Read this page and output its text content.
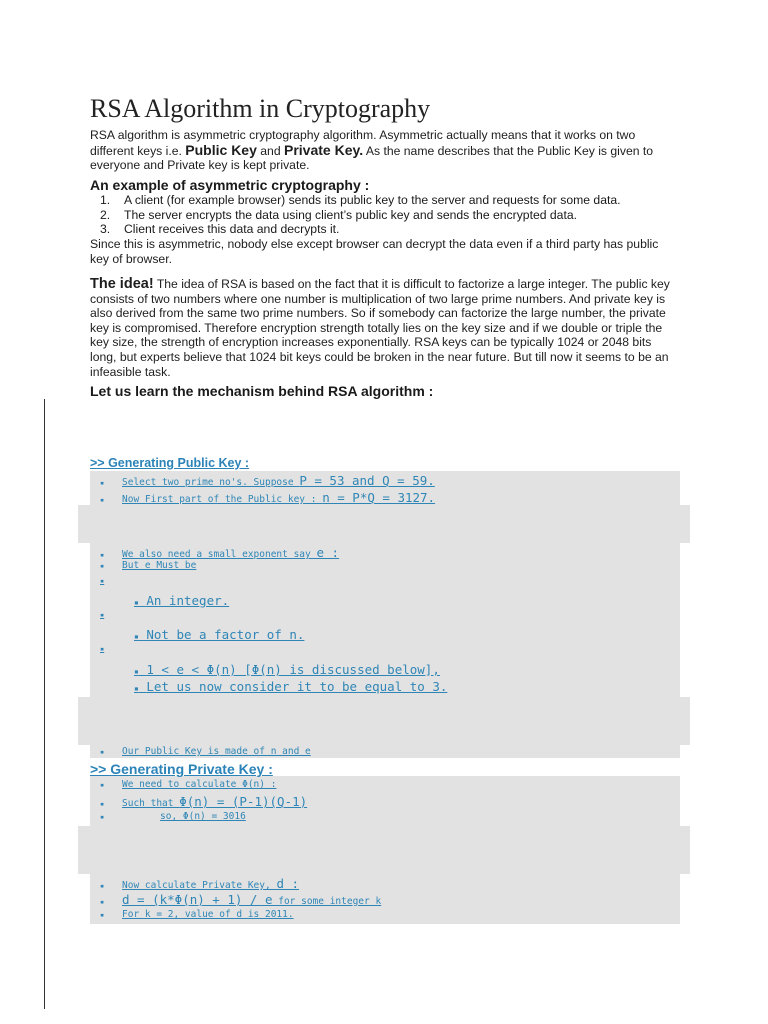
RSA Algorithm in Cryptography
RSA algorithm is asymmetric cryptography algorithm. Asymmetric actually means that it works on two different keys i.e. Public Key and Private Key. As the name describes that the Public Key is given to everyone and Private key is kept private.
An example of asymmetric cryptography :
1. A client (for example browser) sends its public key to the server and requests for some data.
2. The server encrypts the data using client’s public key and sends the encrypted data.
3. Client receives this data and decrypts it.
Since this is asymmetric, nobody else except browser can decrypt the data even if a third party has public key of browser.
The idea! The idea of RSA is based on the fact that it is difficult to factorize a large integer. The public key consists of two numbers where one number is multiplication of two large prime numbers. And private key is also derived from the same two prime numbers. So if somebody can factorize the large number, the private key is compromised. Therefore encryption strength totally lies on the key size and if we double or triple the key size, the strength of encryption increases exponentially. RSA keys can be typically 1024 or 2048 bits long, but experts believe that 1024 bit keys could be broken in the near future. But till now it seems to be an infeasible task.
Let us learn the mechanism behind RSA algorithm :
>> Generating Public Key :
▪ Select two prime no's. Suppose P = 53 and Q = 59.
▪ Now First part of the Public key : n = P*Q = 3127.
▪ We also need a small exponent say e :
▪ But e Must be
▪
▪ An integer.
▪
▪ Not be a factor of n.
▪
▪ 1 < e < Φ(n) [Φ(n) is discussed below],
▪ Let us now consider it to be equal to 3.
▪ Our Public Key is made of n and e
>> Generating Private Key :
▪ We need to calculate Φ(n) :
▪ Such that Φ(n) = (P-1)(Q-1)
▪	so, Φ(n) = 3016
▪ Now calculate Private Key, d :
▪ d = (k*Φ(n) + 1) / e for some integer k
▪ For k = 2, value of d is 2011.
